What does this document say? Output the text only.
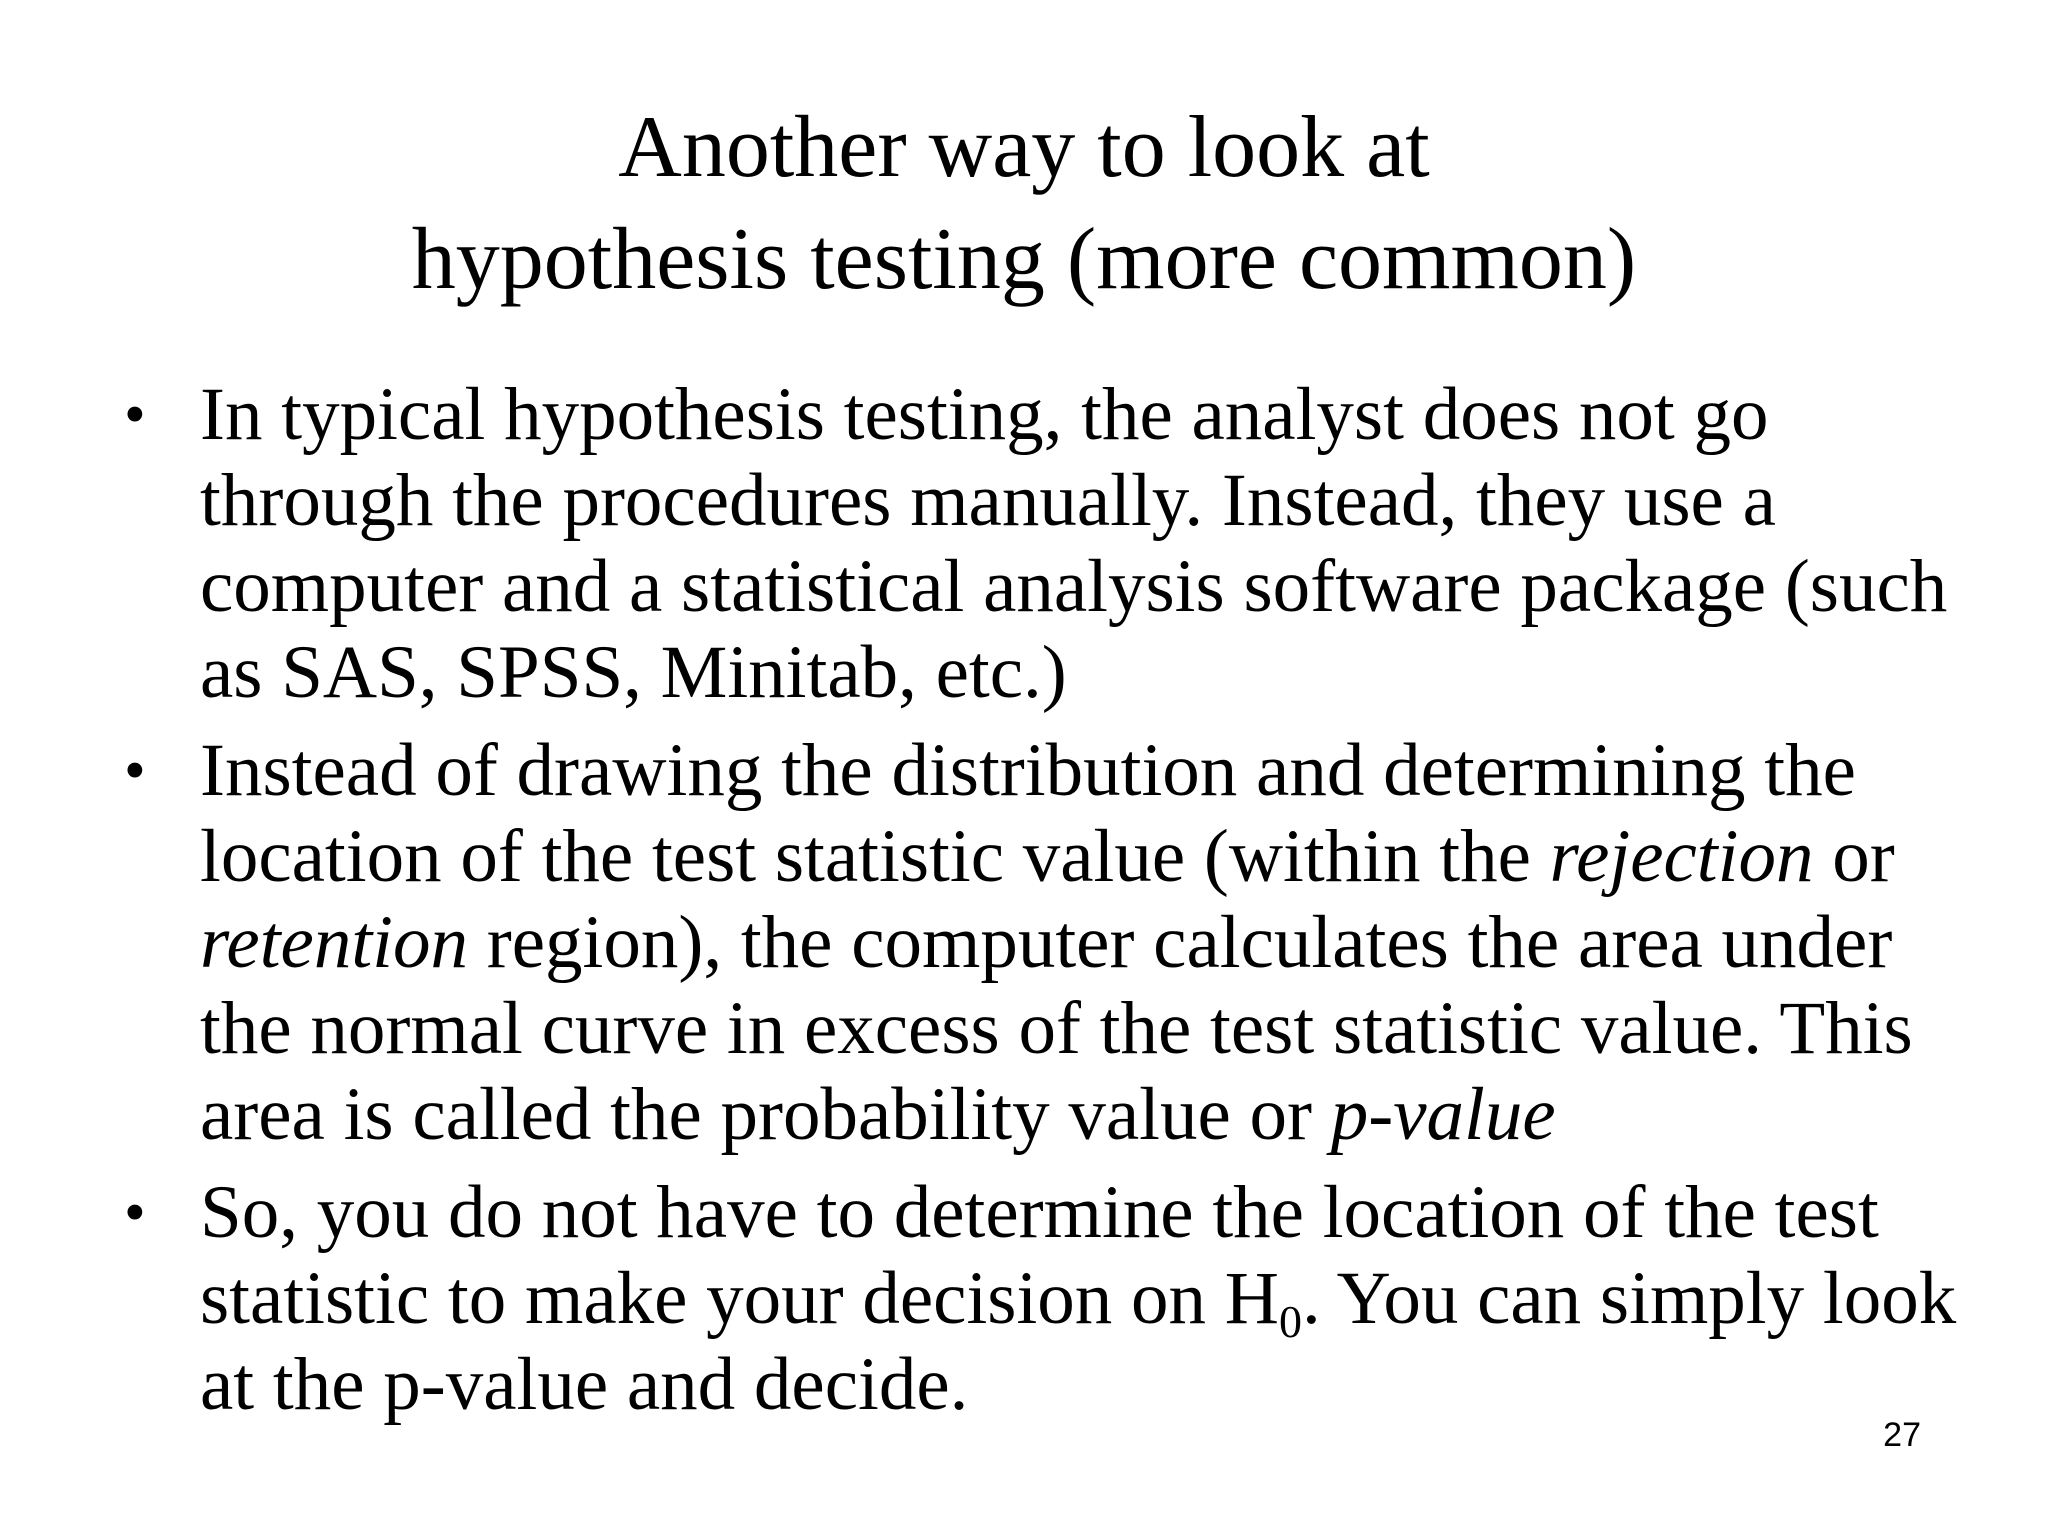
Another way to look at
hypothesis testing (more common)
• In typical hypothesis testing, the analyst does not go through the procedures manually. Instead, they use a computer and a statistical analysis software package (such as SAS, SPSS, Minitab, etc.)
• Instead of drawing the distribution and determining the location of the test statistic value (within the rejection or retention region), the computer calculates the area under the normal curve in excess of the test statistic value. This area is called the probability value or p-value
• So, you do not have to determine the location of the test statistic to make your decision on $H_0$. You can simply look at the p-value and decide.
27
